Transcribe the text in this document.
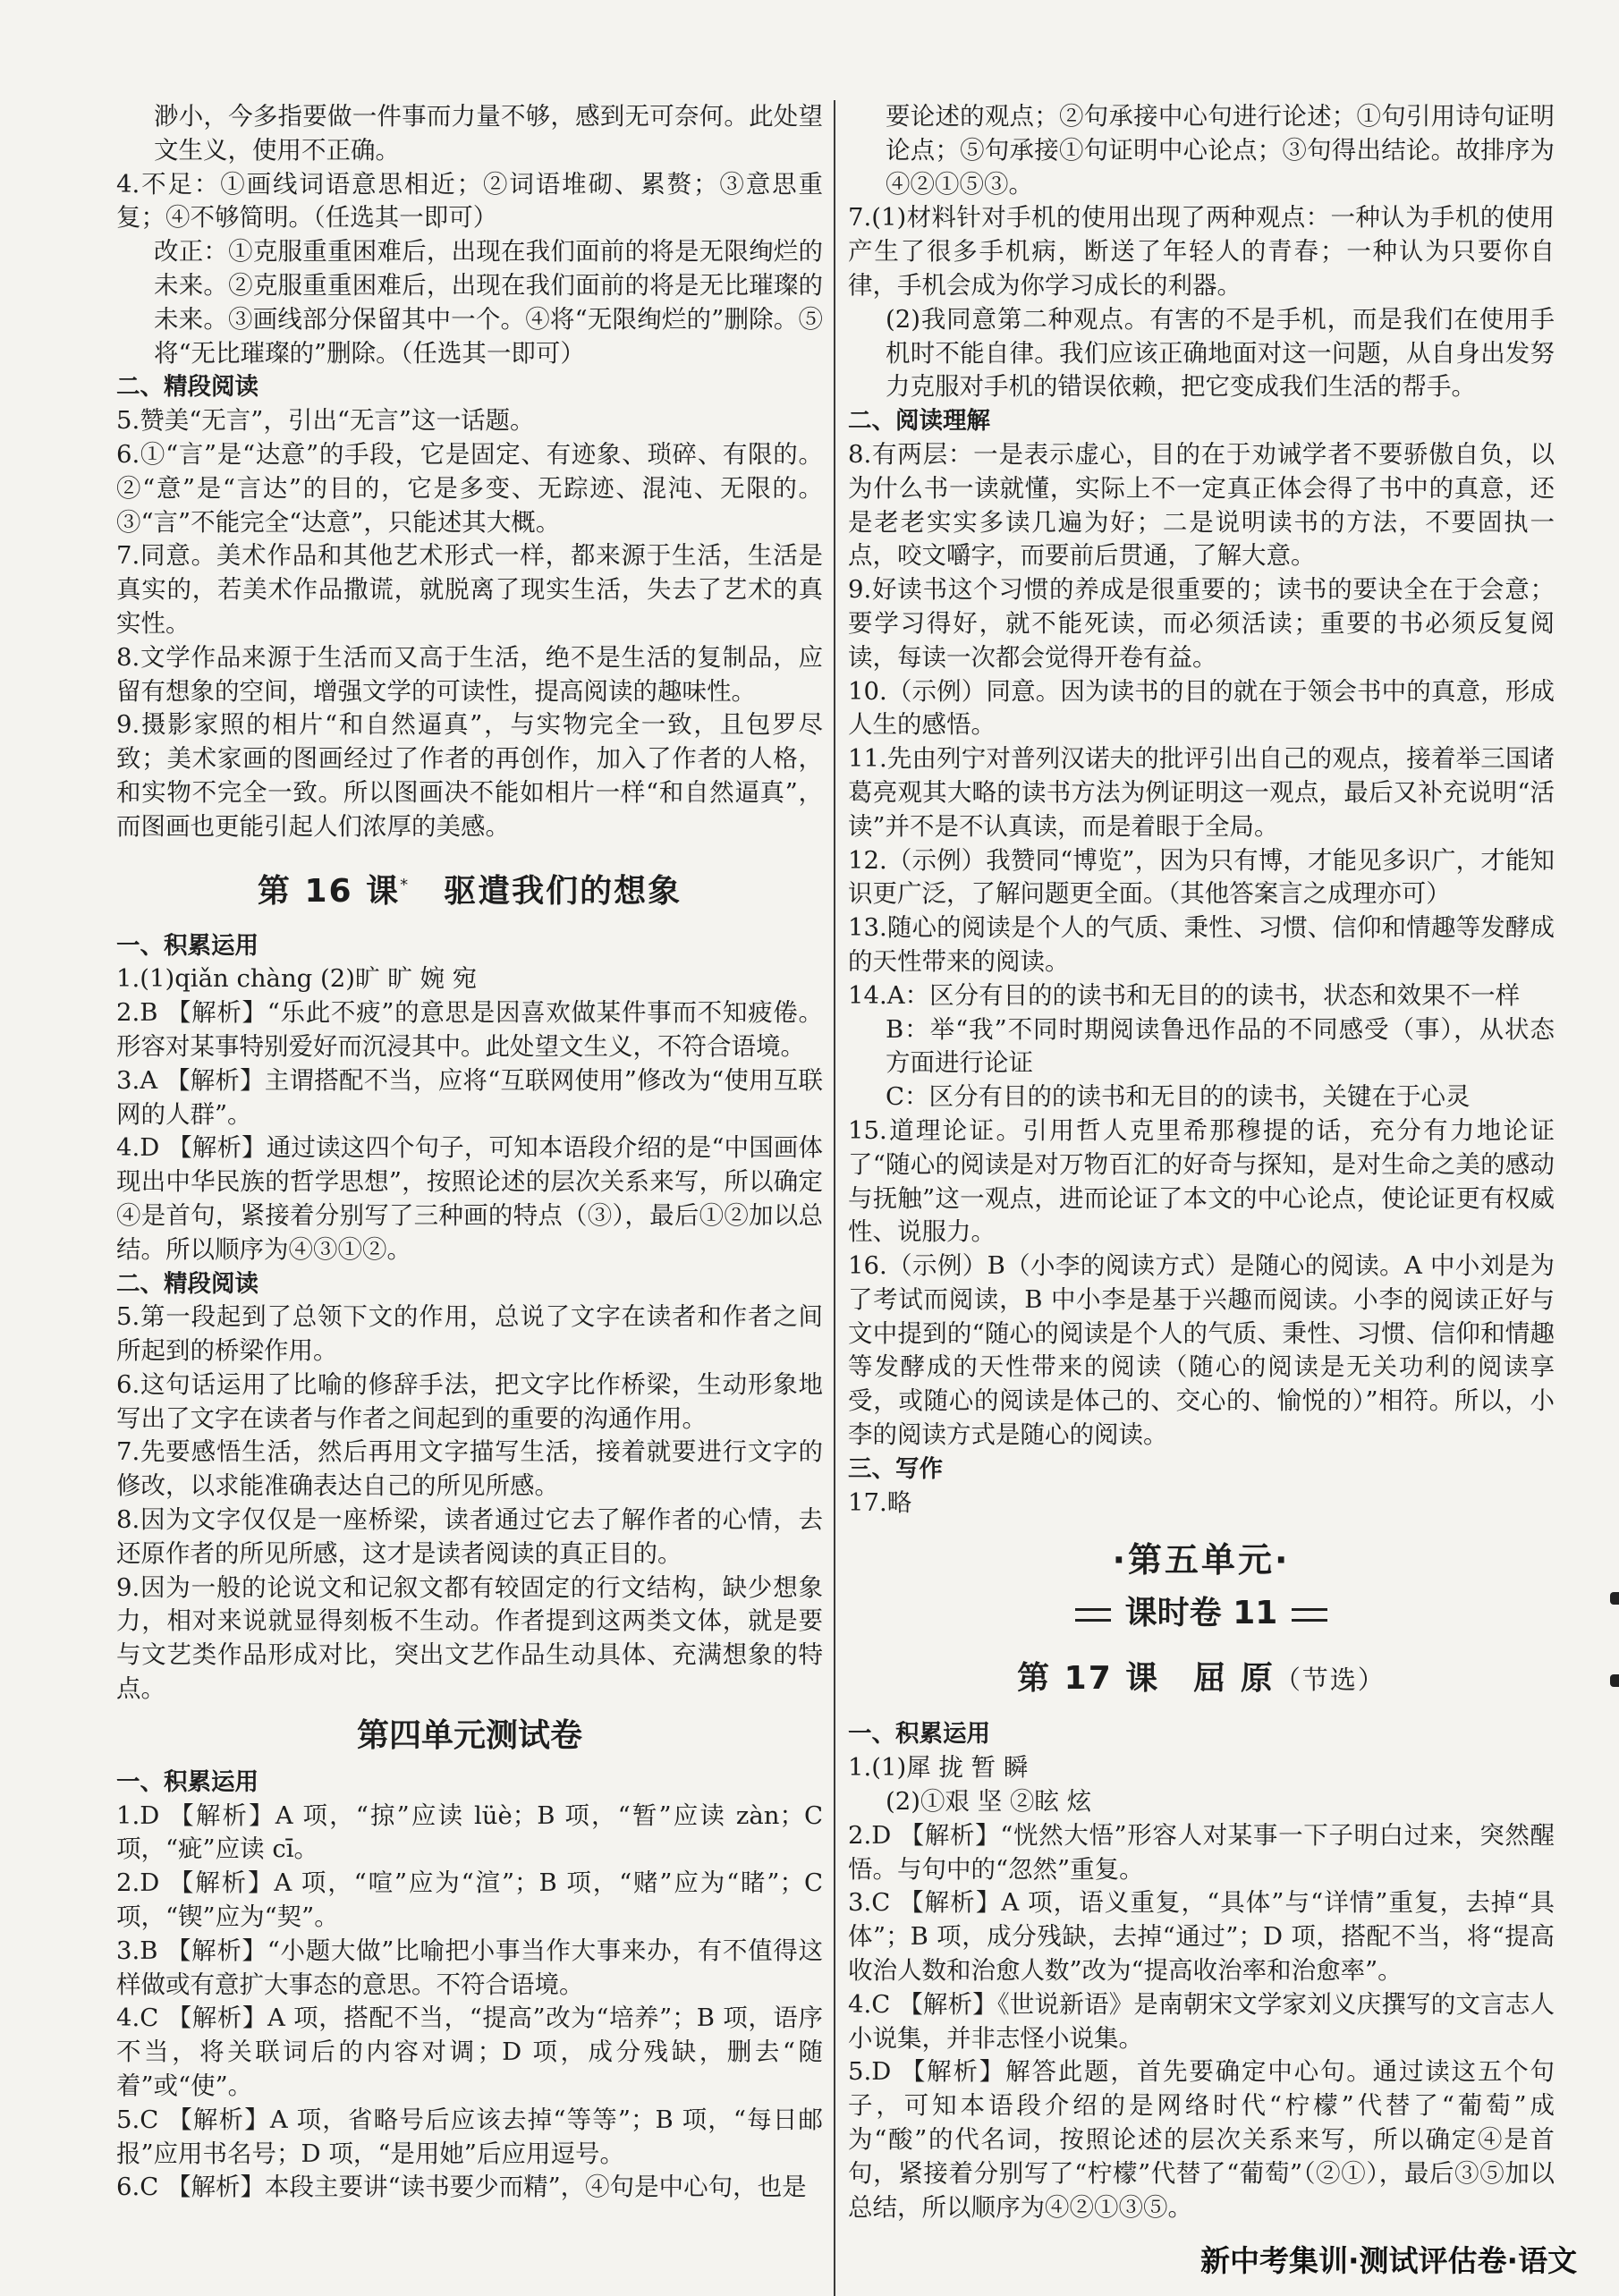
渺小，今多指要做一件事而力量不够，感到无可奈何。此处望文生义，使用不正确。

4.不足：①画线词语意思相近；②词语堆砌、累赘；③意思重复；④不够简明。（任选其一即可）

改正：①克服重重困难后，出现在我们面前的将是无限绚烂的未来。②克服重重困难后，出现在我们面前的将是无比璀璨的未来。③画线部分保留其中一个。④将“无限绚烂的”删除。⑤将“无比璀璨的”删除。（任选其一即可）

二、精段阅读

5.赞美“无言”，引出“无言”这一话题。

6.①“言”是“达意”的手段，它是固定、有迹象、琐碎、有限的。②“意”是“言达”的目的，它是多变、无踪迹、混沌、无限的。③“言”不能完全“达意”，只能述其大概。

7.同意。美术作品和其他艺术形式一样，都来源于生活，生活是真实的，若美术作品撒谎，就脱离了现实生活，失去了艺术的真实性。

8.文学作品来源于生活而又高于生活，绝不是生活的复制品，应留有想象的空间，增强文学的可读性，提高阅读的趣味性。

9.摄影家照的相片“和自然逼真”，与实物完全一致，且包罗尽致；美术家画的图画经过了作者的再创作，加入了作者的人格，和实物不完全一致。所以图画决不能如相片一样“和自然逼真”，而图画也更能引起人们浓厚的美感。

第 16 课*  驱遣我们的想象
一、积累运用

1.(1)qiǎn chàng (2)旷 旷 婉 宛

2.B 【解析】“乐此不疲”的意思是因喜欢做某件事而不知疲倦。形容对某事特别爱好而沉浸其中。此处望文生义，不符合语境。

3.A 【解析】主谓搭配不当，应将“互联网使用”修改为“使用互联网的人群”。

4.D 【解析】通过读这四个句子，可知本语段介绍的是“中国画体现出中华民族的哲学思想”，按照论述的层次关系来写，所以确定④是首句，紧接着分别写了三种画的特点（③），最后①②加以总结。所以顺序为④③①②。

二、精段阅读

5.第一段起到了总领下文的作用，总说了文字在读者和作者之间所起到的桥梁作用。

6.这句话运用了比喻的修辞手法，把文字比作桥梁，生动形象地写出了文字在读者与作者之间起到的重要的沟通作用。

7.先要感悟生活，然后再用文字描写生活，接着就要进行文字的修改，以求能准确表达自己的所见所感。

8.因为文字仅仅是一座桥梁，读者通过它去了解作者的心情，去还原作者的所见所感，这才是读者阅读的真正目的。

9.因为一般的论说文和记叙文都有较固定的行文结构，缺少想象力，相对来说就显得刻板不生动。作者提到这两类文体，就是要与文艺类作品形成对比，突出文艺作品生动具体、充满想象的特点。

第四单元测试卷
一、积累运用

1.D 【解析】A 项，“掠”应读 lüè；B 项，“暂”应读 zàn；C 项，“疵”应读 cī。

2.D 【解析】A 项，“喧”应为“渲”；B 项，“赌”应为“睹”；C 项，“锲”应为“契”。

3.B 【解析】“小题大做”比喻把小事当作大事来办，有不值得这样做或有意扩大事态的意思。不符合语境。

4.C 【解析】A 项，搭配不当，“提高”改为“培养”；B 项，语序不当，将关联词后的内容对调；D 项，成分残缺，删去“随着”或“使”。

5.C 【解析】A 项，省略号后应该去掉“等等”；B 项，“每日邮报”应用书名号；D 项，“是用她”后应用逗号。

6.C 【解析】本段主要讲“读书要少而精”，④句是中心句，也是

要论述的观点；②句承接中心句进行论述；①句引用诗句证明论点；⑤句承接①句证明中心论点；③句得出结论。故排序为④②①⑤③。

7.(1)材料针对手机的使用出现了两种观点：一种认为手机的使用产生了很多手机病，断送了年轻人的青春；一种认为只要你自律，手机会成为你学习成长的利器。

(2)我同意第二种观点。有害的不是手机，而是我们在使用手机时不能自律。我们应该正确地面对这一问题，从自身出发努力克服对手机的错误依赖，把它变成我们生活的帮手。

二、阅读理解

8.有两层：一是表示虚心，目的在于劝诫学者不要骄傲自负，以为什么书一读就懂，实际上不一定真正体会得了书中的真意，还是老老实实多读几遍为好；二是说明读书的方法，不要固执一点，咬文嚼字，而要前后贯通，了解大意。

9.好读书这个习惯的养成是很重要的；读书的要诀全在于会意；要学习得好，就不能死读，而必须活读；重要的书必须反复阅读，每读一次都会觉得开卷有益。

10.（示例）同意。因为读书的目的就在于领会书中的真意，形成人生的感悟。

11.先由列宁对普列汉诺夫的批评引出自己的观点，接着举三国诸葛亮观其大略的读书方法为例证明这一观点，最后又补充说明“活读”并不是不认真读，而是着眼于全局。

12.（示例）我赞同“博览”，因为只有博，才能见多识广，才能知识更广泛，了解问题更全面。（其他答案言之成理亦可）

13.随心的阅读是个人的气质、秉性、习惯、信仰和情趣等发酵成的天性带来的阅读。

14.A：区分有目的的读书和无目的的读书，状态和效果不一样

B：举“我”不同时期阅读鲁迅作品的不同感受（事），从状态方面进行论证

C：区分有目的的读书和无目的的读书，关键在于心灵

15.道理论证。引用哲人克里希那穆提的话，充分有力地论证了“随心的阅读是对万物百汇的好奇与探知，是对生命之美的感动与抚触”这一观点，进而论证了本文的中心论点，使论证更有权威性、说服力。

16.（示例）B（小李的阅读方式）是随心的阅读。A 中小刘是为了考试而阅读，B 中小李是基于兴趣而阅读。小李的阅读正好与文中提到的“随心的阅读是个人的气质、秉性、习惯、信仰和情趣等发酵成的天性带来的阅读（随心的阅读是无关功利的阅读享受，或随心的阅读是体己的、交心的、愉悦的）”相符。所以，小李的阅读方式是随心的阅读。

三、写作

17.略

·第五单元·
课时卷 11
第 17 课  屈 原（节选）
一、积累运用

1.(1)犀 拢 暂 瞬

(2)①艰 坚 ②眩 炫

2.D 【解析】“恍然大悟”形容人对某事一下子明白过来，突然醒悟。与句中的“忽然”重复。

3.C 【解析】A 项，语义重复，“具体”与“详情”重复，去掉“具体”；B 项，成分残缺，去掉“通过”；D 项，搭配不当，将“提高收治人数和治愈人数”改为“提高收治率和治愈率”。

4.C 【解析】《世说新语》是南朝宋文学家刘义庆撰写的文言志人小说集，并非志怪小说集。

5.D 【解析】解答此题，首先要确定中心句。通过读这五个句子，可知本语段介绍的是网络时代“柠檬”代替了“葡萄”成为“酸”的代名词，按照论述的层次关系来写，所以确定④是首句，紧接着分别写了“柠檬”代替了“葡萄”（②①），最后③⑤加以总结，所以顺序为④②①③⑤。

新中考集训·测试评估卷·语文
